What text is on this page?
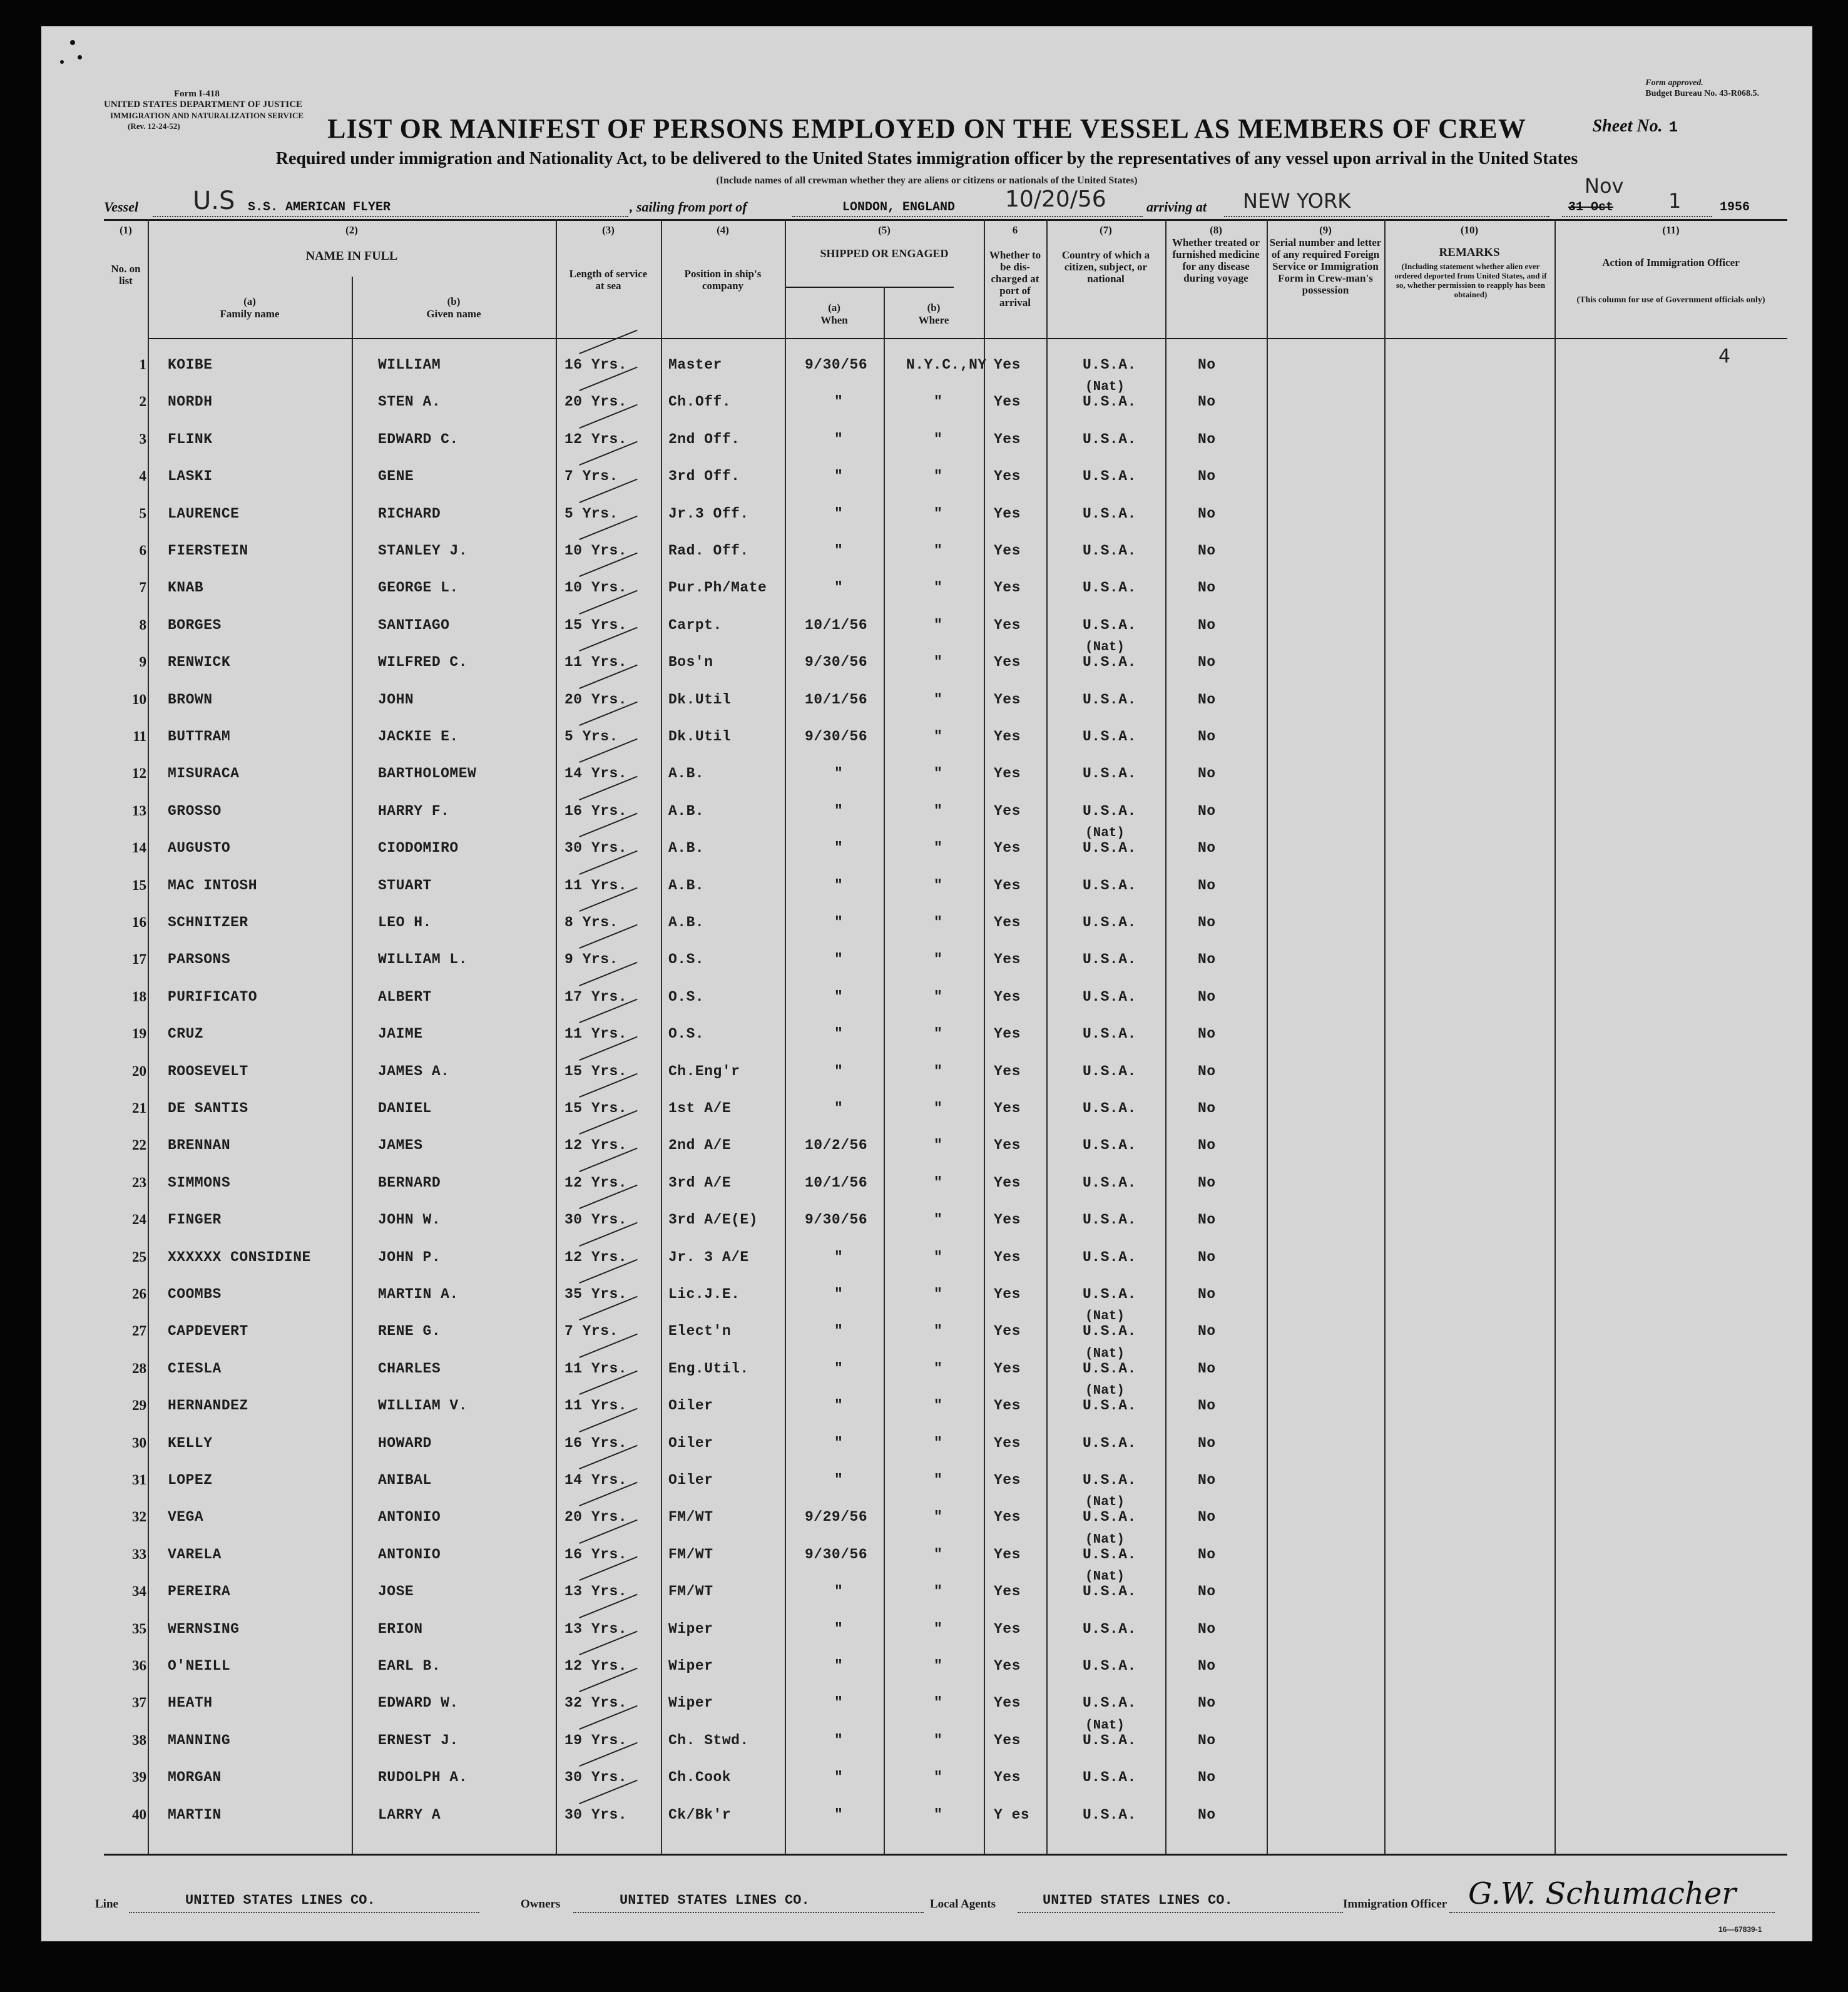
Form I-418
UNITED STATES DEPARTMENT OF JUSTICE
IMMIGRATION AND NATURALIZATION SERVICE
(Rev. 12-24-52)
Form approved.
Budget Bureau No. 43-R068.5.
LIST OR MANIFEST OF PERSONS EMPLOYED ON THE VESSEL AS MEMBERS OF CREW	Sheet No. 1
Required under immigration and Nationality Act, to be delivered to the United States immigration officer by the representatives of any vessel upon arrival in the United States
(Include names of all crewman whether they are aliens or citizens or nationals of the United States)
Vessel U.S S.S. AMERICAN FLYER	, sailing from port of	LONDON, ENGLAND 10/20/56	arriving at NEW YORK	31 Oct
Nov
1	1956
(1)	(2)	(3)	(4)	(5)	6	(7)	(8)	(9)	(10)	(11)
No. on list
NAME IN FULL
(a)
Family name
(b)
Given name
Length of service at sea
Position in ship's company
SHIPPED OR ENGAGED
(a)
When
(b)
Where
Whether to be dis-charged at port of arrival
Country of which a citizen, subject, or national
Whether treated or furnished medicine for any disease during voyage
Serial number and letter of any required Foreign Service or Immigration Form in Crew-man's possession
REMARKS
(Including statement whether alien ever ordered deported from United States, and if so, whether permission to reapply has been obtained)
Action of Immigration Officer
(This column for use of Government officials only)
4
1 KOIBE	WILLIAM	16 Yrs.	Master	9/30/56	N.Y.C.,NY Yes	U.S.A.	No
2 NORDH	STEN A.	20 Yrs.	Ch.Off.	"	"	Yes	U.S.A.	No
(Nat)
3 FLINK	EDWARD C.	12 Yrs.	2nd Off.	"	"	Yes	U.S.A.	No
4 LASKI	GENE	7 Yrs.	3rd Off.	"	"	Yes	U.S.A.	No
5 LAURENCE	RICHARD	5 Yrs.	Jr.3 Off.	"	"	Yes	U.S.A.	No
6 FIERSTEIN	STANLEY J.	10 Yrs.	Rad. Off.	"	"	Yes	U.S.A.	No
7 KNAB	GEORGE L.	10 Yrs.	Pur.Ph/Mate	"	"	Yes	U.S.A.	No
8 BORGES	SANTIAGO	15 Yrs.	Carpt.	10/1/56	"	Yes	U.S.A.	No
9 RENWICK	WILFRED C.	11 Yrs.	Bos'n	9/30/56	"	Yes	U.S.A.	No
(Nat)
10 BROWN	JOHN	20 Yrs.	Dk.Util	10/1/56	"	Yes	U.S.A.	No
11 BUTTRAM	JACKIE E.	5 Yrs.	Dk.Util	9/30/56	"	Yes	U.S.A.	No
12 MISURACA	BARTHOLOMEW	14 Yrs.	A.B.	"	"	Yes	U.S.A.	No
13 GROSSO	HARRY F.	16 Yrs.	A.B.	"	"	Yes	U.S.A.	No
14 AUGUSTO	CIODOMIRO	30 Yrs.	A.B.	"	"	Yes	U.S.A.	No
(Nat)
15 MAC INTOSH	STUART	11 Yrs.	A.B.	"	"	Yes	U.S.A.	No
16 SCHNITZER	LEO H.	8 Yrs.	A.B.	"	"	Yes	U.S.A.	No
17 PARSONS	WILLIAM L.	9 Yrs.	O.S.	"	"	Yes	U.S.A.	No
18 PURIFICATO	ALBERT	17 Yrs.	O.S.	"	"	Yes	U.S.A.	No
19 CRUZ	JAIME	11 Yrs.	O.S.	"	"	Yes	U.S.A.	No
20 ROOSEVELT	JAMES A.	15 Yrs.	Ch.Eng'r	"	"	Yes	U.S.A.	No
21 DE SANTIS	DANIEL	15 Yrs.	1st A/E	"	"	Yes	U.S.A.	No
22 BRENNAN	JAMES	12 Yrs.	2nd A/E	10/2/56	"	Yes	U.S.A.	No
23 SIMMONS	BERNARD	12 Yrs.	3rd A/E	10/1/56	"	Yes	U.S.A.	No
24 FINGER	JOHN W.	30 Yrs.	3rd A/E(E)	9/30/56	"	Yes	U.S.A.	No
25 XXXXXX CONSIDINE	JOHN P.	12 Yrs.	Jr. 3 A/E	"	"	Yes	U.S.A.	No
26 COOMBS	MARTIN A.	35 Yrs.	Lic.J.E.	"	"	Yes	U.S.A.	No
27 CAPDEVERT	RENE G.	7 Yrs.	Elect'n	"	"	Yes	U.S.A.	No
(Nat)
28 CIESLA	CHARLES	11 Yrs.	Eng.Util.	"	"	Yes	U.S.A.	No
(Nat)
29 HERNANDEZ	WILLIAM V.	11 Yrs.	Oiler	"	"	Yes	U.S.A.	No
(Nat)
30 KELLY	HOWARD	16 Yrs.	Oiler	"	"	Yes	U.S.A.	No
31 LOPEZ	ANIBAL	14 Yrs.	Oiler	"	"	Yes	U.S.A.	No
32 VEGA	ANTONIO	20 Yrs.	FM/WT	9/29/56	"	Yes	U.S.A.	No
(Nat)
33 VARELA	ANTONIO	16 Yrs.	FM/WT	9/30/56	"	Yes	U.S.A.	No
(Nat)
34 PEREIRA	JOSE	13 Yrs.	FM/WT	"	"	Yes	U.S.A.	No
(Nat)
35 WERNSING	ERION	13 Yrs.	Wiper	"	"	Yes	U.S.A.	No
36 O'NEILL	EARL B.	12 Yrs.	Wiper	"	"	Yes	U.S.A.	No
37 HEATH	EDWARD W.	32 Yrs.	Wiper	"	"	Yes	U.S.A.	No
38 MANNING	ERNEST J.	19 Yrs.	Ch. Stwd.	"	"	Yes	U.S.A.	No
(Nat)
39 MORGAN	RUDOLPH A.	30 Yrs.	Ch.Cook	"	"	Yes	U.S.A.	No
40 MARTIN	LARRY A	30 Yrs.	Ck/Bk'r	"	"	Y es	U.S.A.	No
Line	UNITED STATES LINES CO.	Owners	UNITED STATES LINES CO.	Local Agents	UNITED STATES LINES CO.	Immigration Officer G.W. Schumacher
16—67839-1
